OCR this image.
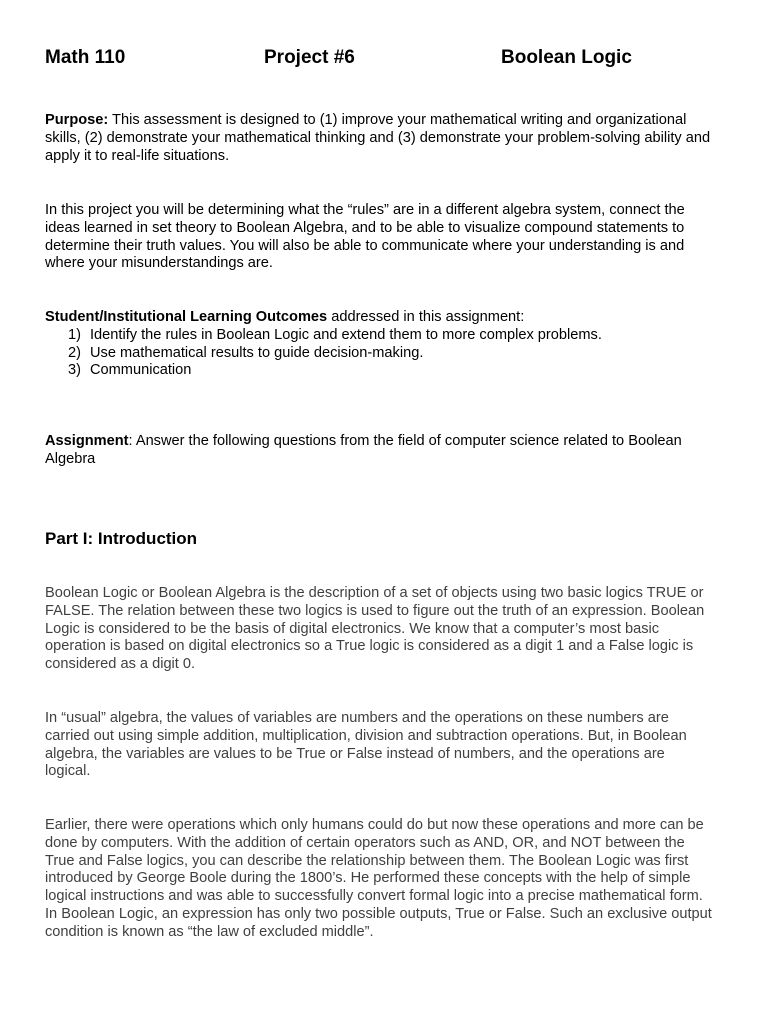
Math 110	Project #6	Boolean Logic
Purpose: This assessment is designed to (1) improve your mathematical writing and organizational skills, (2) demonstrate your mathematical thinking and (3) demonstrate your problem-solving ability and apply it to real-life situations.
In this project you will be determining what the “rules” are in a different algebra system, connect the ideas learned in set theory to Boolean Algebra, and to be able to visualize compound statements to determine their truth values. You will also be able to communicate where your understanding is and where your misunderstandings are.
Student/Institutional Learning Outcomes addressed in this assignment:
1) Identify the rules in Boolean Logic and extend them to more complex problems.
2) Use mathematical results to guide decision-making.
3) Communication
Assignment: Answer the following questions from the field of computer science related to Boolean Algebra
Part I: Introduction
Boolean Logic or Boolean Algebra is the description of a set of objects using two basic logics TRUE or FALSE. The relation between these two logics is used to figure out the truth of an expression. Boolean Logic is considered to be the basis of digital electronics. We know that a computer’s most basic operation is based on digital electronics so a True logic is considered as a digit 1 and a False logic is considered as a digit 0.
In “usual” algebra, the values of variables are numbers and the operations on these numbers are carried out using simple addition, multiplication, division and subtraction operations. But, in Boolean algebra, the variables are values to be True or False instead of numbers, and the operations are logical.
Earlier, there were operations which only humans could do but now these operations and more can be done by computers. With the addition of certain operators such as AND, OR, and NOT between the True and False logics, you can describe the relationship between them. The Boolean Logic was first introduced by George Boole during the 1800’s. He performed these concepts with the help of simple logical instructions and was able to successfully convert formal logic into a precise mathematical form. In Boolean Logic, an expression has only two possible outputs, True or False. Such an exclusive output condition is known as “the law of excluded middle”.
